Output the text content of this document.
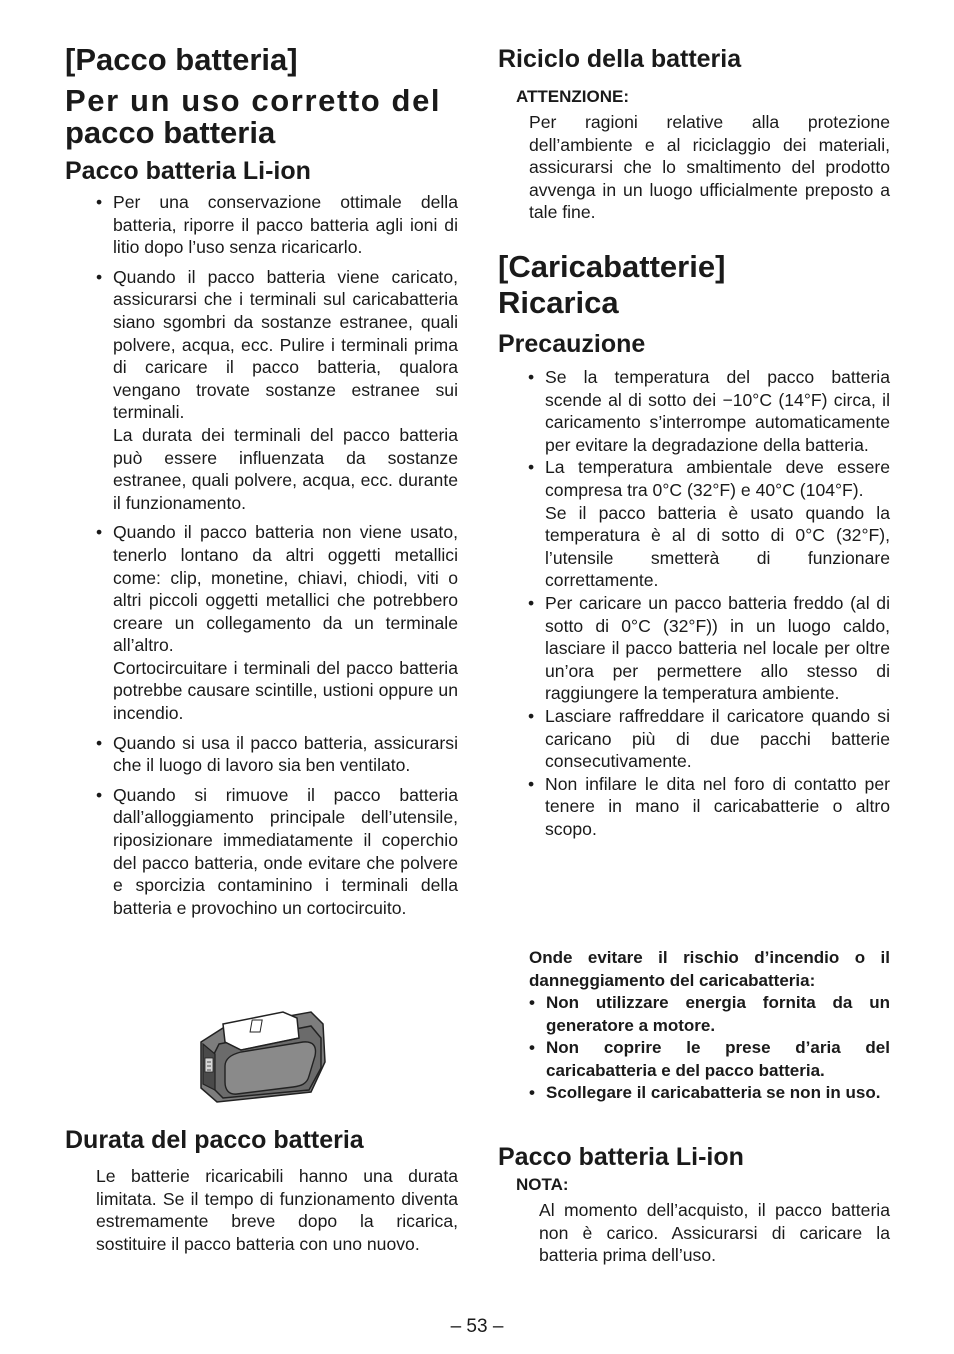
[Pacco batteria]
Per un uso corretto del
pacco batteria
Pacco batteria Li-ion
• Per una conservazione ottimale della batteria, riporre il pacco batteria agli ioni di litio dopo l’uso senza ricaricarlo.
• Quando il pacco batteria viene caricato, assicurarsi che i terminali sul caricabatteria siano sgombri da sostanze estranee, quali polvere, acqua, ecc. Pulire i terminali prima di caricare il pacco batteria, qualora vengano trovate sostanze estranee sui terminali.
La durata dei terminali del pacco batteria può essere influenzata da sostanze estranee, quali polvere, acqua, ecc. durante il funzionamento.
• Quando il pacco batteria non viene usato, tenerlo lontano da altri oggetti metallici come: clip, monetine, chiavi, chiodi, viti o altri piccoli oggetti metallici che potrebbero creare un collegamento da un terminale all’altro.
Cortocircuitare i terminali del pacco batteria potrebbe causare scintille, ustioni oppure un incendio.
• Quando si usa il pacco batteria, assicurarsi che il luogo di lavoro sia ben ventilato.
• Quando si rimuove il pacco batteria dall’alloggiamento principale dell’utensile, riposizionare immediatamente il coperchio del pacco batteria, onde evitare che polvere e sporcizia contaminino i terminali della batteria e provochino un cortocircuito.
Durata del pacco batteria

Le batterie ricaricabili hanno una durata limitata. Se il tempo di funzionamento diventa estremamente breve dopo la ricarica, sostituire il pacco batteria con uno nuovo.

Riciclo della batteria
ATTENZIONE:

Per ragioni relative alla protezione dell’ambiente e al riciclaggio dei materiali, assicurarsi che lo smaltimento del prodotto avvenga in un luogo ufficialmente preposto a tale fine.

[Caricabatterie]
Ricarica
Precauzione
• Se la temperatura del pacco batteria scende al di sotto dei −10°C (14°F) circa, il caricamento s’interrompe automaticamente per evitare la degradazione della batteria.
• La temperatura ambientale deve essere compresa tra 0°C (32°F) e 40°C (104°F).
Se il pacco batteria è usato quando la temperatura è al di sotto di 0°C (32°F), l’utensile smetterà di funzionare correttamente.
• Per caricare un pacco batteria freddo (al di sotto di 0°C (32°F)) in un luogo caldo, lasciare il pacco batteria nel locale per oltre un’ora per permettere allo stesso di raggiungere la temperatura ambiente.
• Lasciare raffreddare il caricatore quando si caricano più di due pacchi batterie consecutivamente.
• Non infilare le dita nel foro di contatto per tenere in mano il caricabatterie o altro scopo.
Onde evitare il rischio d’incendio o il danneggiamento del caricabatteria:
• Non utilizzare energia fornita da un generatore a motore.
• Non coprire le prese d’aria del caricabatteria e del pacco batteria.
• Scollegare il caricabatteria se non in uso.
Pacco batteria Li-ion
NOTA:

Al momento dell’acquisto, il pacco batteria non è carico. Assicurarsi di caricare la batteria prima dell’uso.

– 53 –
